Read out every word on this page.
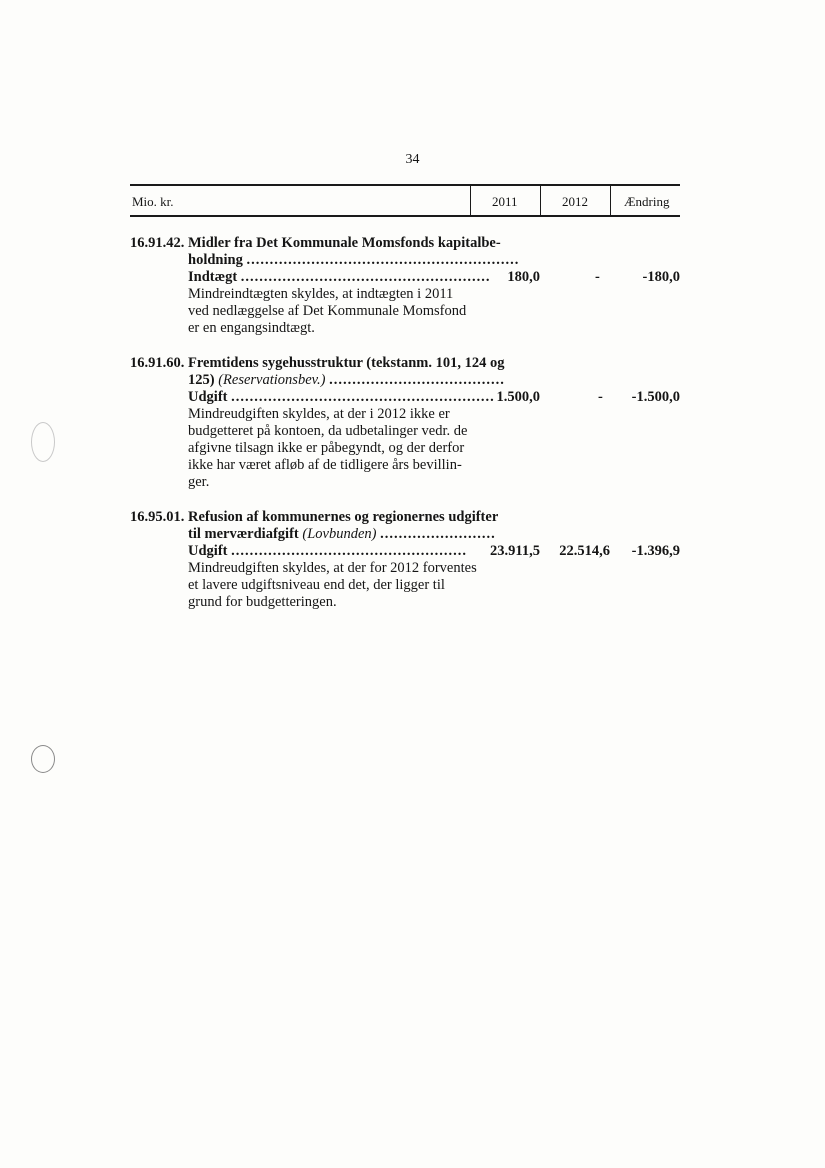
34
Mio. kr.	2011	2012	Ændring
16.91.42. Midler fra Det Kommunale Momsfonds kapitalbe-
holdning ...........................................................
Indtægt ...................................................... 180,0	-	-180,0
Mindreindtægten skyldes, at indtægten i 2011
ved nedlæggelse af Det Kommunale Momsfond
er en engangsindtægt.
16.91.60. Fremtidens sygehusstruktur (tekstanm. 101, 124 og
125) (Reservationsbev.) ......................................
Udgift ......................................................... 1.500,0	- -1.500,0
Mindreudgiften skyldes, at der i 2012 ikke er
budgetteret på kontoen, da udbetalinger vedr. de
afgivne tilsagn ikke er påbegyndt, og der derfor
ikke har været afløb af de tidligere års bevillin-
ger.
16.95.01. Refusion af kommunernes og regionernes udgifter
til merværdiafgift (Lovbunden) .........................
Udgift ................................................... 23.911,5 22.514,6 -1.396,9
Mindreudgiften skyldes, at der for 2012 forventes
et lavere udgiftsniveau end det, der ligger til
grund for budgetteringen.
